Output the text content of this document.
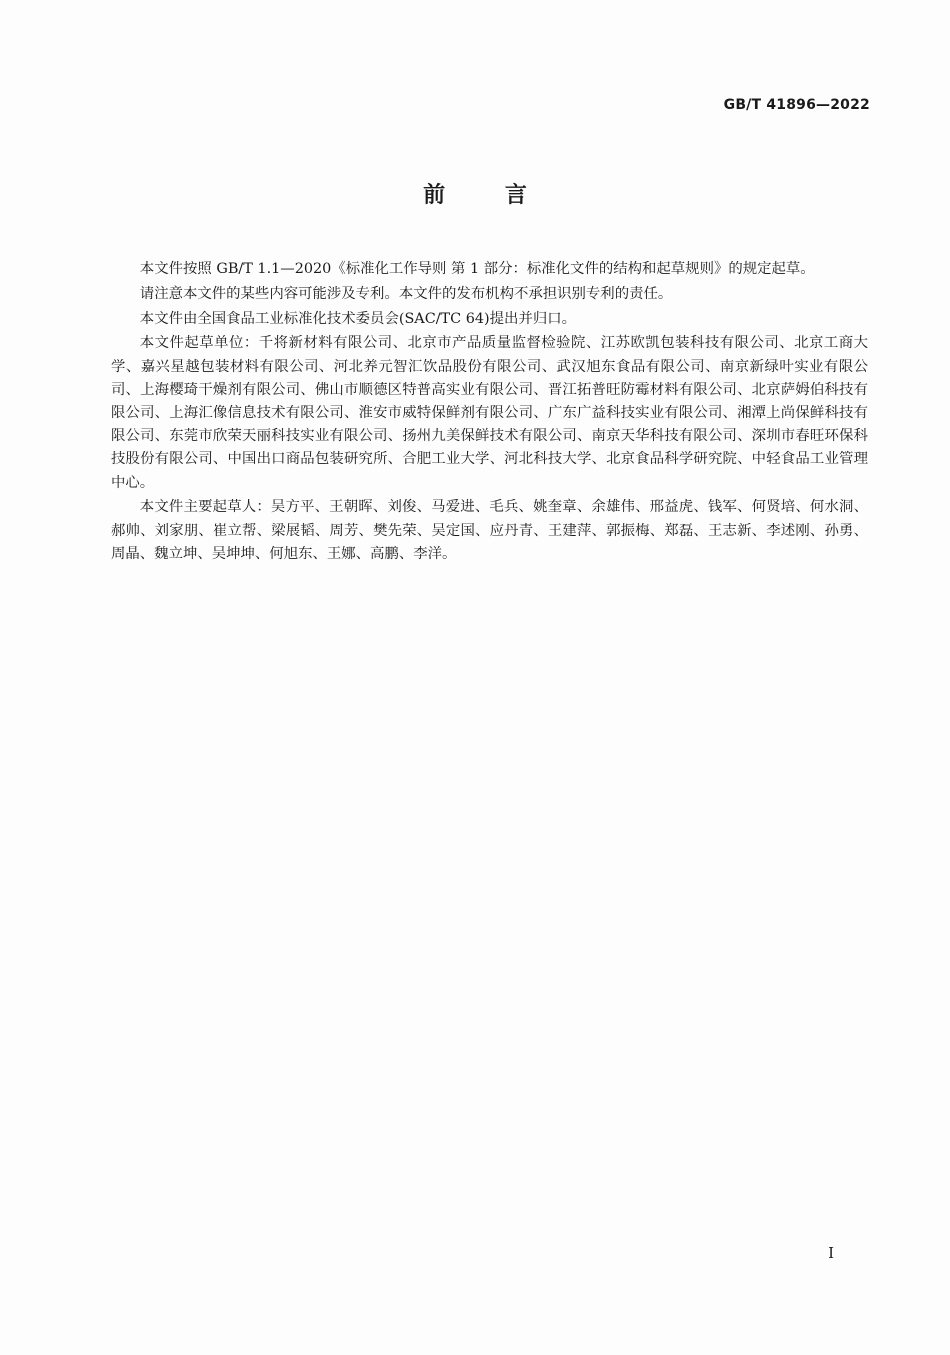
GB/T 41896—2022
前 言

本文件按照 GB/T 1.1—2020《标准化工作导则 第 1 部分：标准化文件的结构和起草规则》的规定起草。

请注意本文件的某些内容可能涉及专利。本文件的发布机构不承担识别专利的责任。

本文件由全国食品工业标准化技术委员会(SAC/TC 64)提出并归口。

本文件起草单位：千将新材料有限公司、北京市产品质量监督检验院、江苏欧凯包装科技有限公司、北京工商大学、嘉兴星越包装材料有限公司、河北养元智汇饮品股份有限公司、武汉旭东食品有限公司、南京新绿叶实业有限公司、上海樱琦干燥剂有限公司、佛山市顺德区特普高实业有限公司、晋江拓普旺防霉材料有限公司、北京萨姆伯科技有限公司、上海汇像信息技术有限公司、淮安市威特保鲜剂有限公司、广东广益科技实业有限公司、湘潭上尚保鲜科技有限公司、东莞市欣荣天丽科技实业有限公司、扬州九美保鲜技术有限公司、南京天华科技有限公司、深圳市春旺环保科技股份有限公司、中国出口商品包装研究所、合肥工业大学、河北科技大学、北京食品科学研究院、中轻食品工业管理中心。

本文件主要起草人：吴方平、王朝晖、刘俊、马爱进、毛兵、姚奎章、余雄伟、邢益虎、钱军、何贤培、何水洞、郝帅、刘家朋、崔立帮、梁展韬、周芳、樊先荣、吴定国、应丹青、王建萍、郭振梅、郑磊、王志新、李述刚、孙勇、周晶、魏立坤、吴坤坤、何旭东、王娜、高鹏、李洋。

I
